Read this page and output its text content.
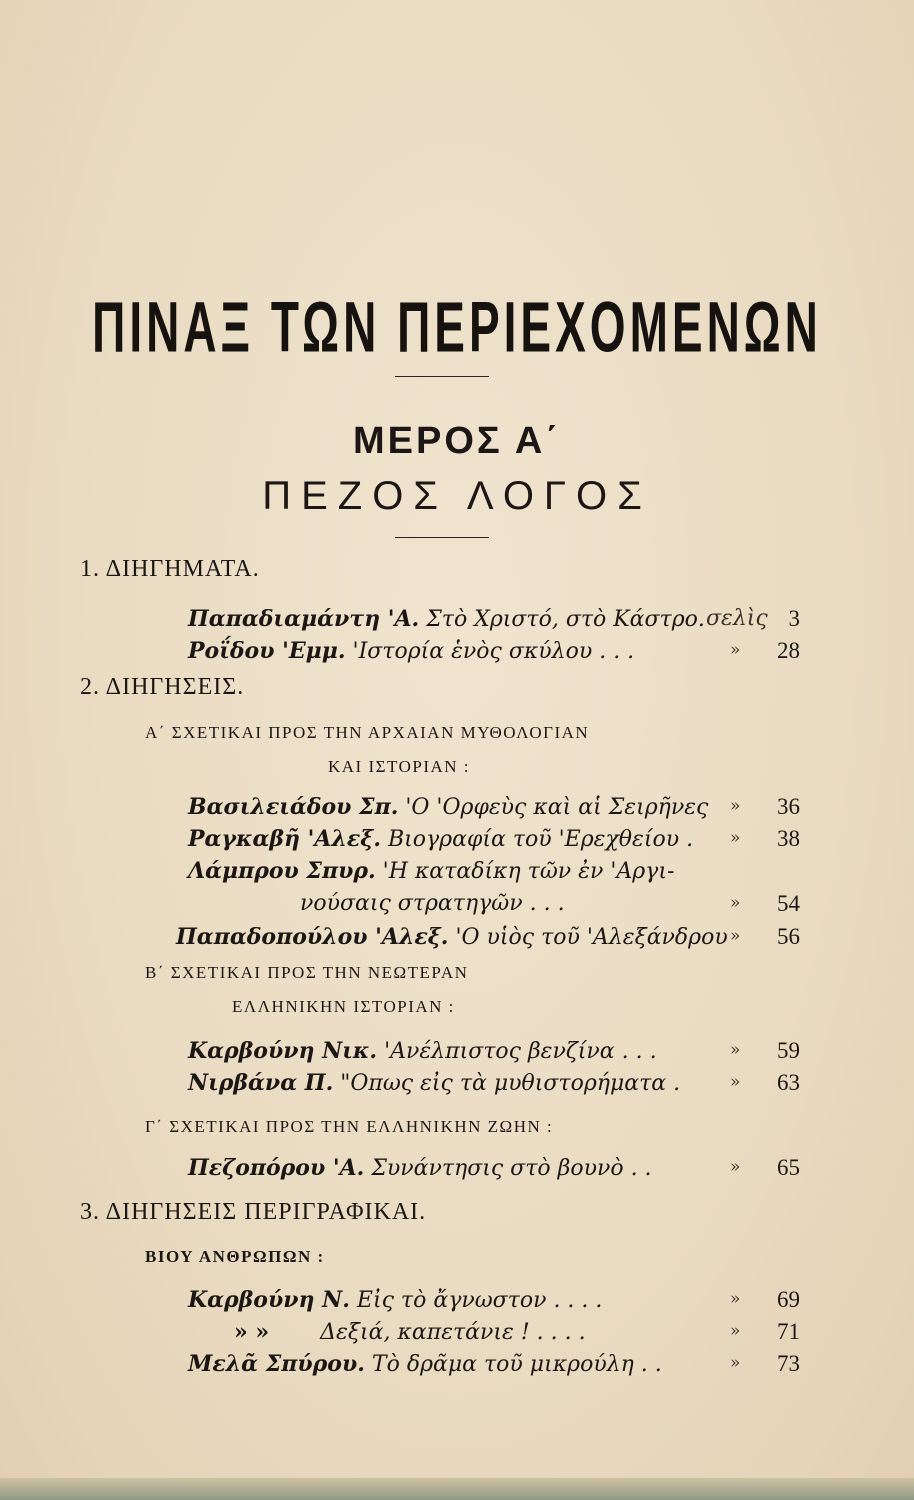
ΠΙΝΑΞ ΤΩΝ ΠΕΡΙΕΧΟΜΕΝΩΝ
ΜΕΡΟΣ Α΄
ΠΕΖΟΣ ΛΟΓΟΣ
1. ΔΙΗΓΗΜΑΤΑ.
Παπαδιαμάντη 'Α. Στὸ Χριστό, στὸ Κάστρο. σελὶς 3
Ροΐδου 'Εμμ. 'Ιστορία ἑνὸς σκύλου . . .	» 28
2. ΔΙΗΓΗΣΕΙΣ.
Α΄ ΣΧΕΤΙΚΑΙ ΠΡΟΣ ΤΗΝ ΑΡΧΑΙΑΝ ΜΥΘΟΛΟΓΙΑΝ
ΚΑΙ ΙΣΤΟΡΙΑΝ :
Βασιλειάδου Σπ. 'Ο 'Ορφεὺς καὶ αἱ Σειρῆνες » 36
Ραγκαβῆ 'Αλεξ. Βιογραφία τοῦ 'Ερεχθείου . » 38
Λάμπρου Σπυρ. 'Η καταδίκη τῶν ἐν 'Αργι-
νούσαις στρατηγῶν . . .	» 54
Παπαδοπούλου 'Αλεξ. 'Ο υἱὸς τοῦ 'Αλεξάνδρου » 56
Β΄ ΣΧΕΤΙΚΑΙ ΠΡΟΣ ΤΗΝ ΝΕΩΤΕΡΑΝ
ΕΛΛΗΝΙΚΗΝ ΙΣΤΟΡΙΑΝ :
Καρβούνη Νικ. 'Ανέλπιστος βενζίνα . . .	» 59
Νιρβάνα Π. "Οπως εἰς τὰ μυθιστορήματα .	» 63
Γ΄ ΣΧΕΤΙΚΑΙ ΠΡΟΣ ΤΗΝ ΕΛΛΗΝΙΚΗΝ ΖΩΗΝ :
Πεζοπόρου 'Α. Συνάντησις στὸ βουνὸ . .	» 65
3. ΔΙΗΓΗΣΕΙΣ ΠΕΡΙΓΡΑΦΙΚΑΙ.
ΒΙΟΥ ΑΝΘΡΩΠΩΝ :
Καρβούνη Ν. Εἰς τὸ ἄγνωστον . . . .	» 69
» » Δεξιά, καπετάνιε ! . . . .	» 71
Μελᾶ Σπύρου. Τὸ δρᾶμα τοῦ μικρούλη . .	» 73
